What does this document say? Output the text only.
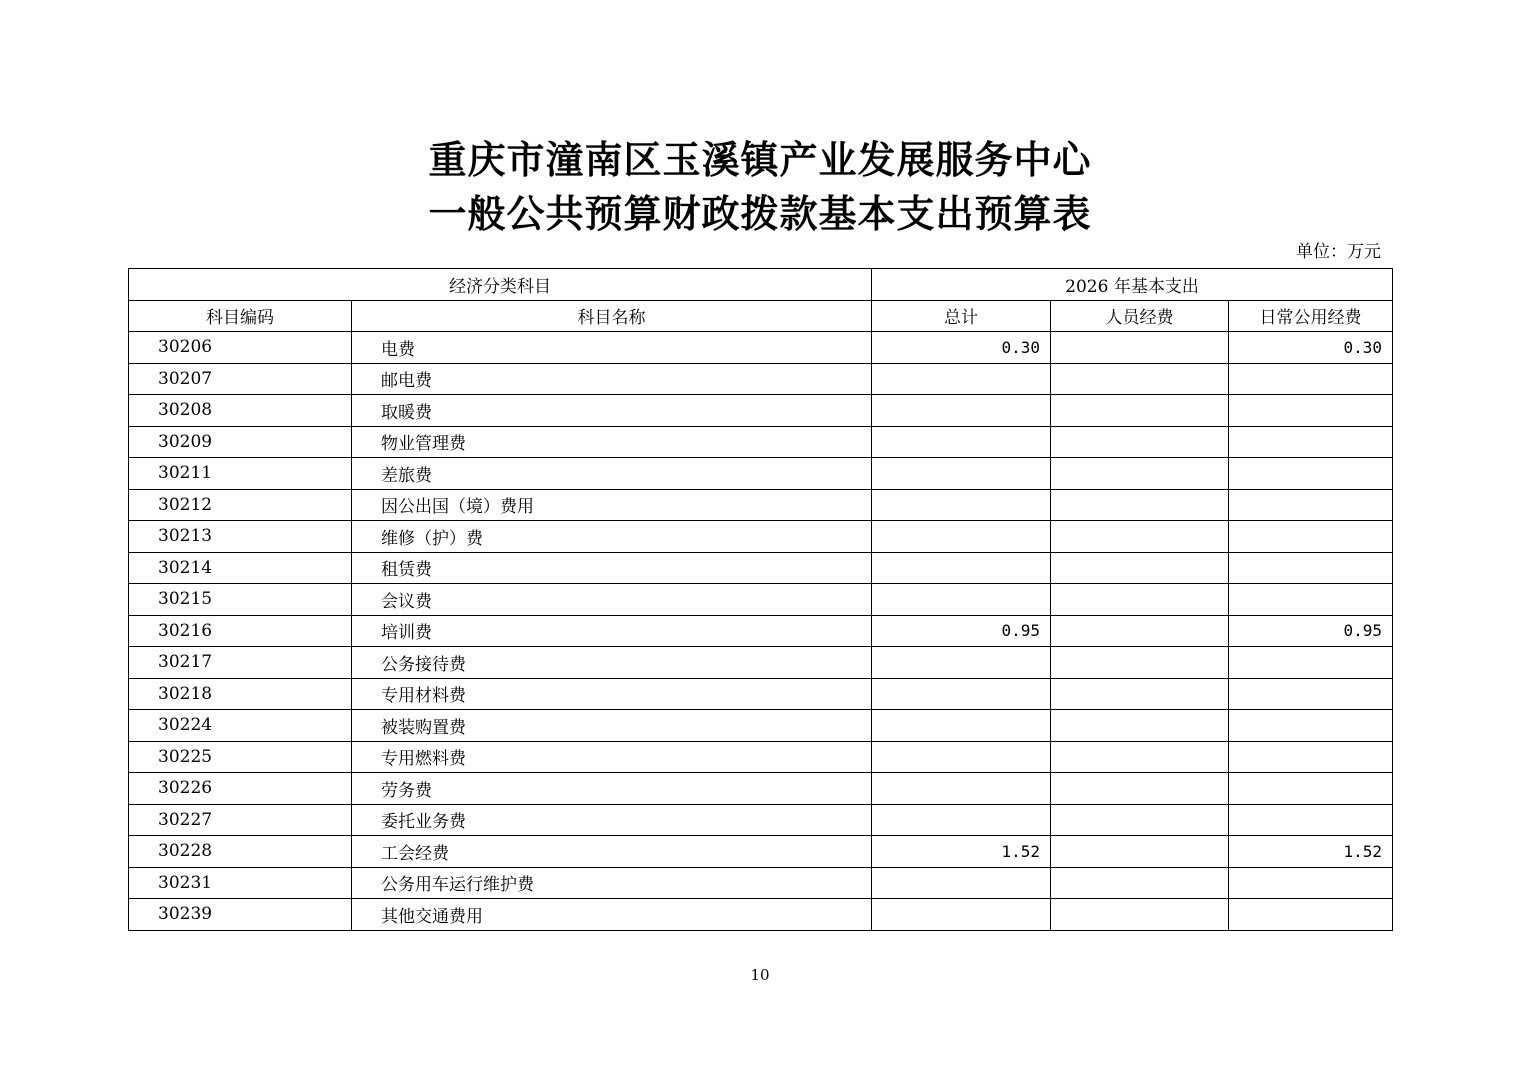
重庆市潼南区玉溪镇产业发展服务中心
一般公共预算财政拨款基本支出预算表
单位：万元
经济分类科目		2026 年基本支出		
科目编码	科目名称	总计	人员经费	日常公用经费
30206	电费	0.30		0.30
30207	邮电费			
30208	取暖费			
30209	物业管理费			
30211	差旅费			
30212	因公出国（境）费用			
30213	维修（护）费			
30214	租赁费			
30215	会议费			
30216	培训费	0.95		0.95
30217	公务接待费			
30218	专用材料费			
30224	被装购置费			
30225	专用燃料费			
30226	劳务费			
30227	委托业务费			
30228	工会经费	1.52		1.52
30231	公务用车运行维护费			
30239	其他交通费用			
10
